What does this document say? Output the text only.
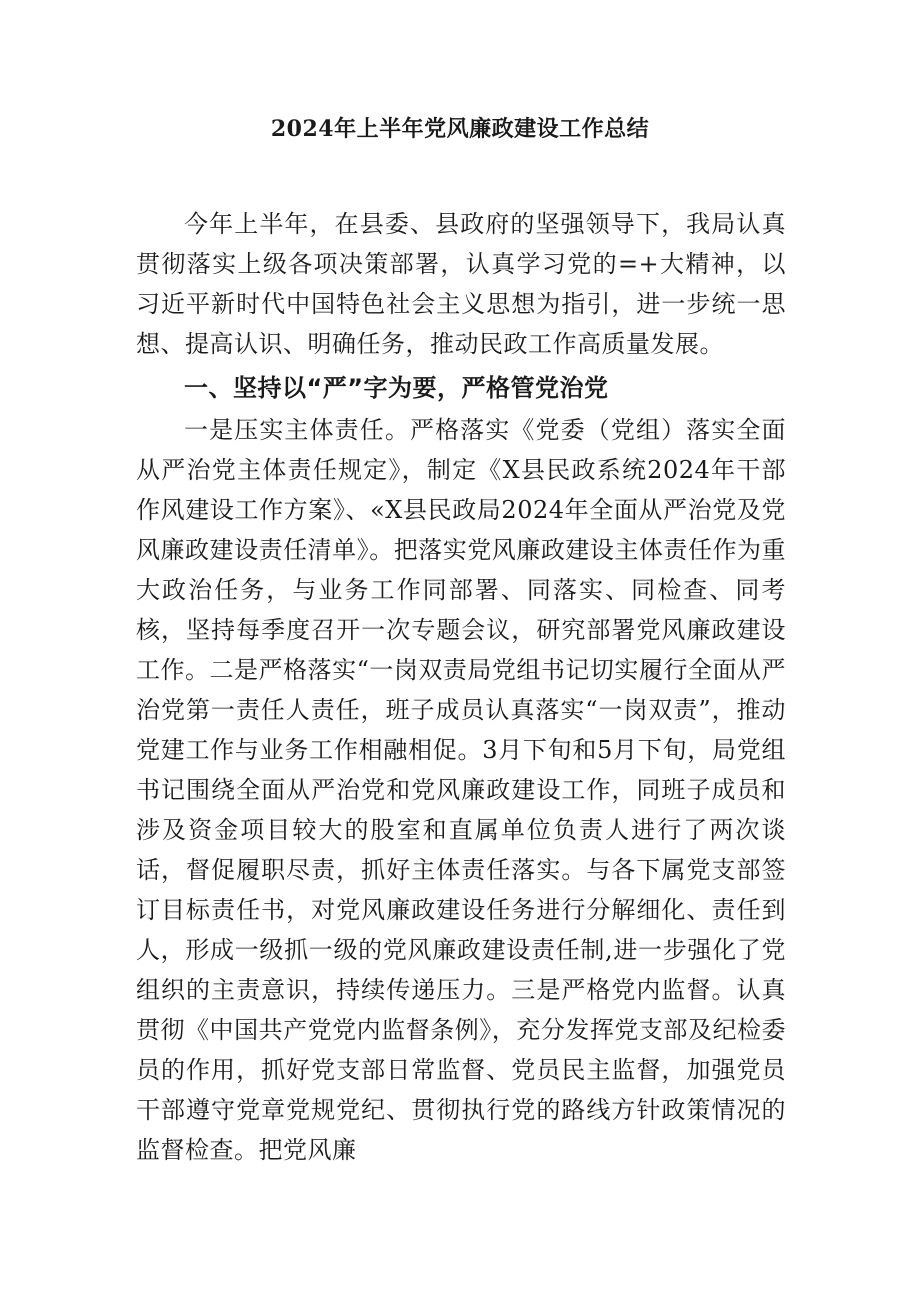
2024年上半年党风廉政建设工作总结

今年上半年，在县委、县政府的坚强领导下，我局认真贯彻落实上级各项决策部署，认真学习党的=+大精神，以习近平新时代中国特色社会主义思想为指引，进一步统一思想、提高认识、明确任务，推动民政工作高质量发展。

一、坚持以“严”字为要，严格管党治党

一是压实主体责任。严格落实《党委（党组）落实全面从严治党主体责任规定》，制定《X县民政系统2024年干部作风建设工作方案》、«X县民政局2024年全面从严治党及党风廉政建设责任清单》。把落实党风廉政建设主体责任作为重大政治任务，与业务工作同部署、同落实、同检查、同考核，坚持每季度召开一次专题会议，研究部署党风廉政建设工作。二是严格落实“一岗双责局党组书记切实履行全面从严治党第一责任人责任，班子成员认真落实“一岗双责”，推动党建工作与业务工作相融相促。3月下旬和5月下旬，局党组书记围绕全面从严治党和党风廉政建设工作，同班子成员和涉及资金项目较大的股室和直属单位负责人进行了两次谈话，督促履职尽责，抓好主体责任落实。与各下属党支部签订目标责任书，对党风廉政建设任务进行分解细化、责任到人，形成一级抓一级的党风廉政建设责任制,进一步强化了党组织的主责意识，持续传递压力。三是严格党内监督。认真贯彻《中国共产党党内监督条例》，充分发挥党支部及纪检委员的作用，抓好党支部日常监督、党员民主监督，加强党员干部遵守党章党规党纪、贯彻执行党的路线方针政策情况的监督检查。把党风廉
